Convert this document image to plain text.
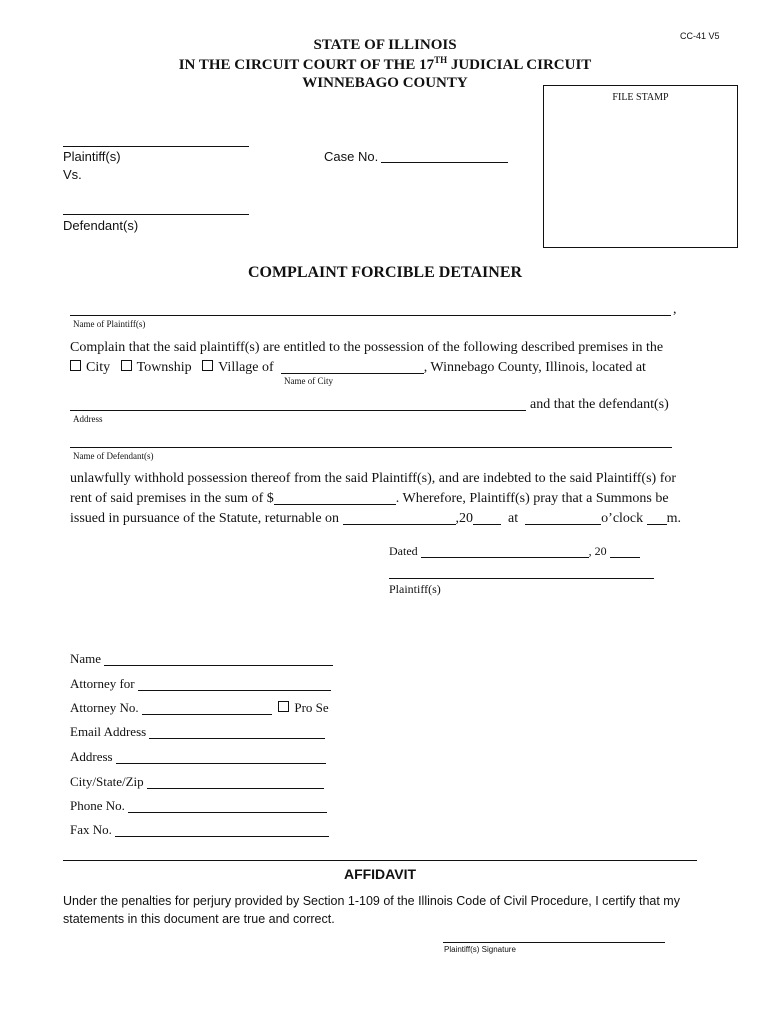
CC-41 V5
STATE OF ILLINOIS
IN THE CIRCUIT COURT OF THE 17TH JUDICIAL CIRCUIT
WINNEBAGO COUNTY
FILE STAMP
Plaintiff(s)
Vs.
Case No.
Defendant(s)
COMPLAINT FORCIBLE DETAINER
,
Name of Plaintiff(s)
Complain that the said plaintiff(s) are entitled to the possession of the following described premises in the
City Township Village of	, Winnebago County, Illinois, located at
Name of City
and that the defendant(s)
Address
Name of Defendant(s)
unlawfully withhold possession thereof from the said Plaintiff(s), and are indebted to the said Plaintiff(s) for
rent of said premises in the sum of $	. Wherefore, Plaintiff(s) pray that a Summons be
issued in pursuance of the Statute, returnable on	,20	at	o’clock m.
Dated	, 20
Plaintiff(s)
Name
Attorney for
Attorney No.	Pro Se
Email Address
Address
City/State/Zip
Phone No.
Fax No.
AFFIDAVIT
Under the penalties for perjury provided by Section 1-109 of the Illinois Code of Civil Procedure, I certify that my
statements in this document are true and correct.
Plaintiff(s) Signature
